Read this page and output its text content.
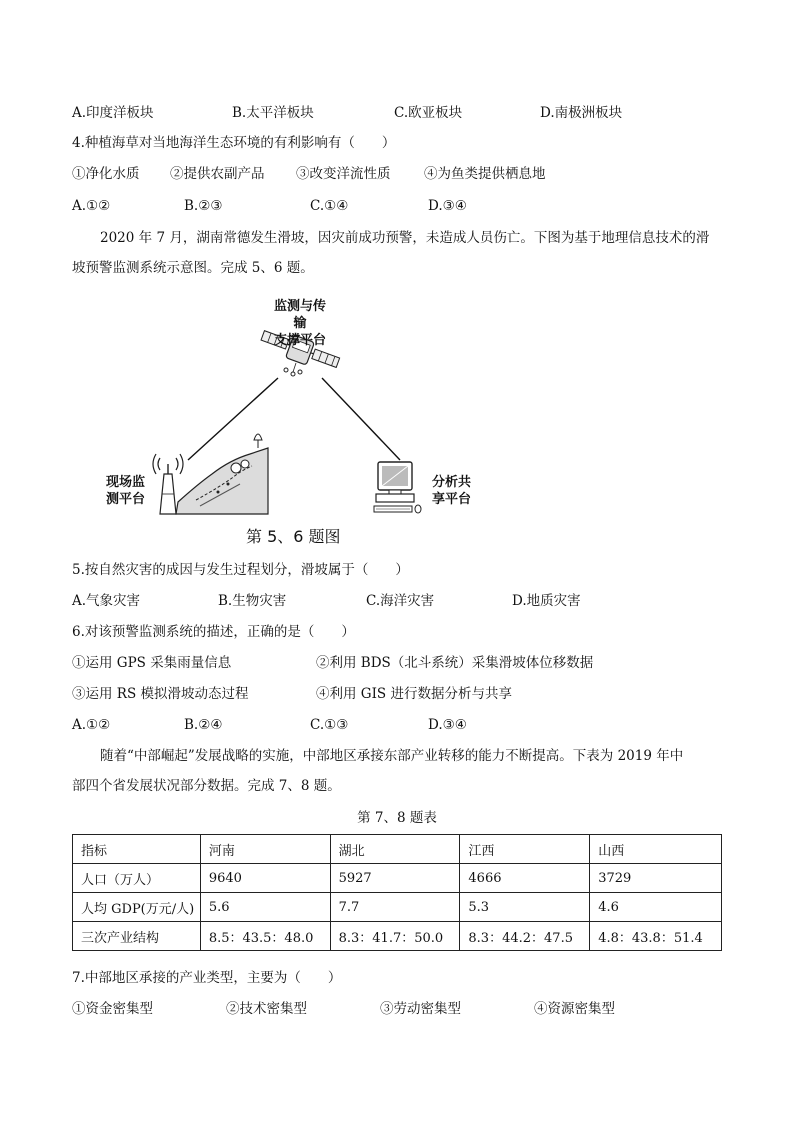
A.印度洋板块	B.太平洋板块	C.欧亚板块	D.南极洲板块
4.种植海草对当地海洋生态环境的有利影响有（　　）
①净化水质 ②提供农副产品 ③改变洋流性质 ④为鱼类提供栖息地
A.①②	B.②③	C.①④	D.③④
2020 年 7 月，湖南常德发生滑坡，因灾前成功预警，未造成人员伤亡。下图为基于地理信息技术的滑
坡预警监测系统示意图。完成 5、6 题。
监测与传输
支撑平台
现场监
测平台
分析共
享平台
第 5、6 题图
5.按自然灾害的成因与发生过程划分，滑坡属于（　　）
A.气象灾害	B.生物灾害	C.海洋灾害	D.地质灾害
6.对该预警监测系统的描述，正确的是（　　）
①运用 GPS 采集雨量信息	②利用 BDS（北斗系统）采集滑坡体位移数据
③运用 RS 模拟滑坡动态过程	④利用 GIS 进行数据分析与共享
A.①②	B.②④	C.①③	D.③④
随着“中部崛起”发展战略的实施，中部地区承接东部产业转移的能力不断提高。下表为 2019 年中
部四个省发展状况部分数据。完成 7、8 题。
第 7、8 题表
指标	河南	湖北	江西	山西
人口（万人）	9640	5927	4666	3729
人均 GDP(万元/人)	5.6	7.7	5.3	4.6
三次产业结构	8.5：43.5：48.0	8.3：41.7：50.0	8.3：44.2：47.5	4.8：43.8：51.4
7.中部地区承接的产业类型，主要为（　　）
①资金密集型	②技术密集型	③劳动密集型	④资源密集型
